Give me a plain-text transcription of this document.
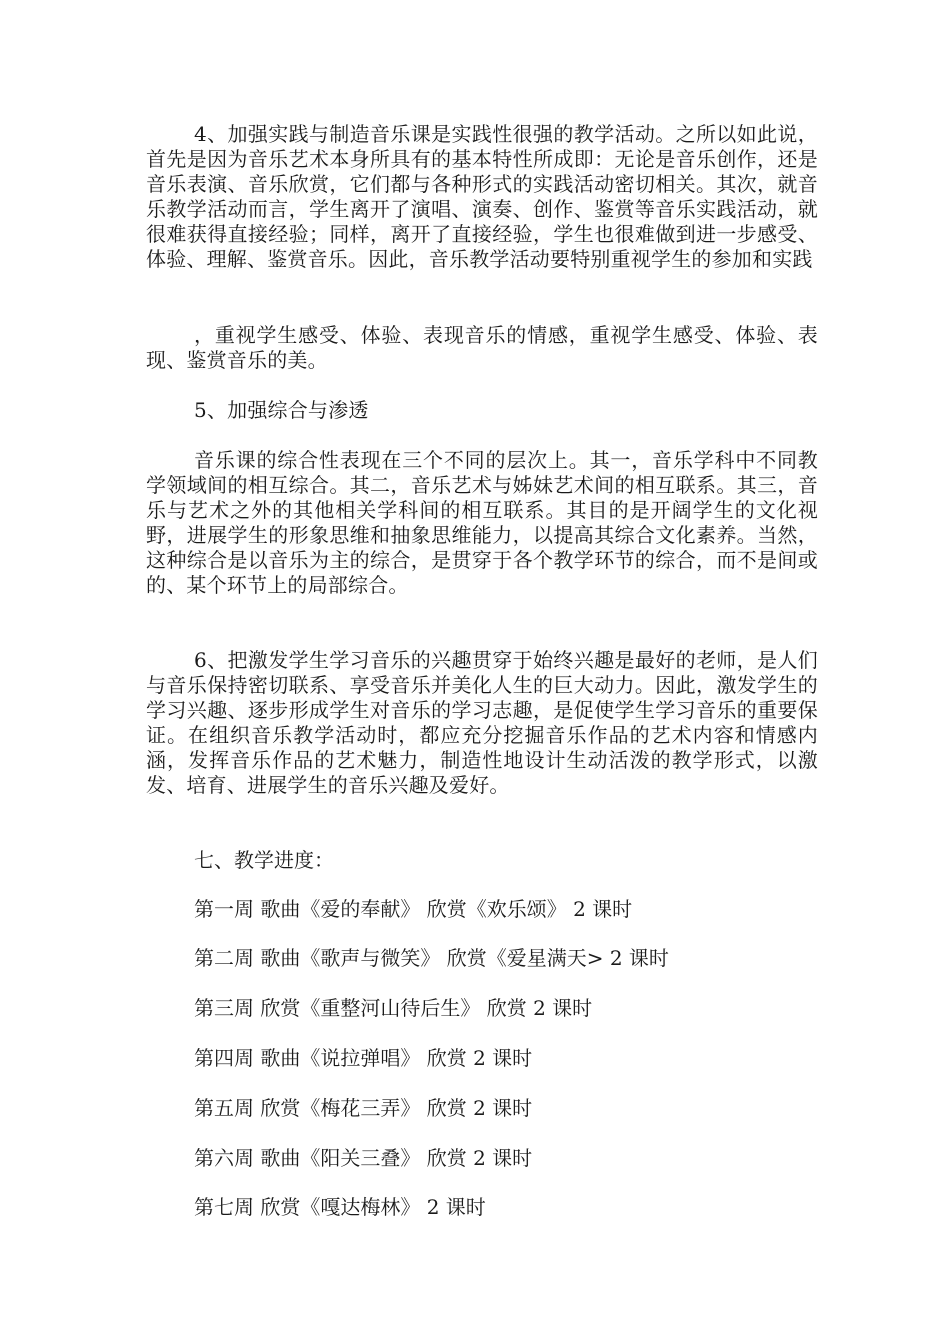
4、加强实践与制造音乐课是实践性很强的教学活动。之所以如此说，首先是因为音乐艺术本身所具有的基本特性所成即：无论是音乐创作，还是音乐表演、音乐欣赏，它们都与各种形式的实践活动密切相关。其次，就音乐教学活动而言，学生离开了演唱、演奏、创作、鉴赏等音乐实践活动，就很难获得直接经验；同样，离开了直接经验，学生也很难做到进一步感受、体验、理解、鉴赏音乐。因此，音乐教学活动要特别重视学生的参加和实践

，重视学生感受、体验、表现音乐的情感，重视学生感受、体验、表现、鉴赏音乐的美。

5、加强综合与渗透

音乐课的综合性表现在三个不同的层次上。其一，音乐学科中不同教学领域间的相互综合。其二，音乐艺术与姊妹艺术间的相互联系。其三，音乐与艺术之外的其他相关学科间的相互联系。其目的是开阔学生的文化视野，进展学生的形象思维和抽象思维能力，以提高其综合文化素养。当然，这种综合是以音乐为主的综合，是贯穿于各个教学环节的综合，而不是间或的、某个环节上的局部综合。

6、把激发学生学习音乐的兴趣贯穿于始终兴趣是最好的老师，是人们与音乐保持密切联系、享受音乐并美化人生的巨大动力。因此，激发学生的学习兴趣、逐步形成学生对音乐的学习志趣，是促使学生学习音乐的重要保证。在组织音乐教学活动时，都应充分挖掘音乐作品的艺术内容和情感内涵，发挥音乐作品的艺术魅力，制造性地设计生动活泼的教学形式，以激发、培育、进展学生的音乐兴趣及爱好。

七、教学进度：

第一周 歌曲《爱的奉献》 欣赏《欢乐颂》 2 课时

第二周 歌曲《歌声与微笑》 欣赏《爱星满天> 2 课时

第三周 欣赏《重整河山待后生》 欣赏 2 课时

第四周 歌曲《说拉弹唱》 欣赏 2 课时

第五周 欣赏《梅花三弄》 欣赏 2 课时

第六周 歌曲《阳关三叠》 欣赏 2 课时

第七周 欣赏《嘎达梅林》 2 课时
